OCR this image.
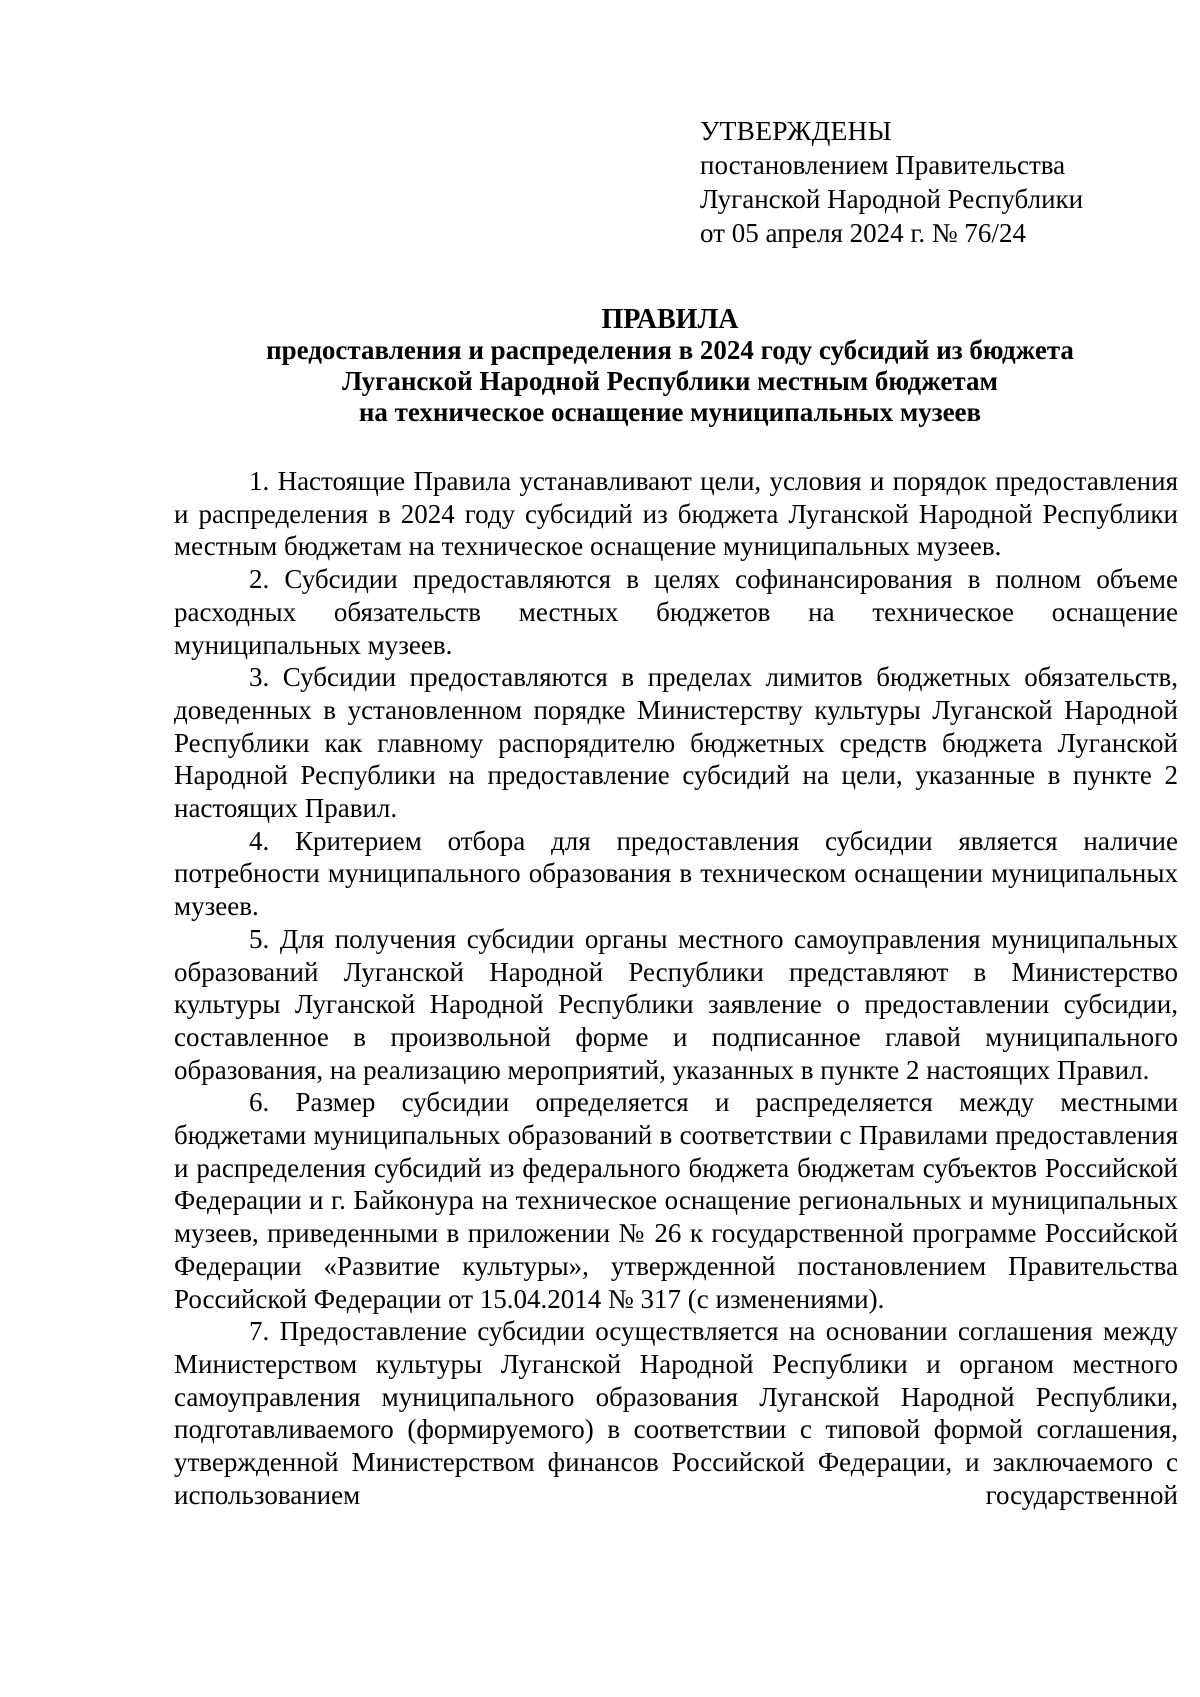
УТВЕРЖДЕНЫ
постановлением Правительства
Луганской Народной Республики
от 05 апреля 2024 г. № 76/24
ПРАВИЛА
предоставления и распределения в 2024 году субсидий из бюджета
Луганской Народной Республики местным бюджетам
на техническое оснащение муниципальных музеев

1. Настоящие Правила устанавливают цели, условия и порядок предоставления и распределения в 2024 году субсидий из бюджета Луганской Народной Республики местным бюджетам на техническое оснащение муниципальных музеев.

2. Субсидии предоставляются в целях софинансирования в полном объеме расходных обязательств местных бюджетов на техническое оснащение муниципальных музеев.

3. Субсидии предоставляются в пределах лимитов бюджетных обязательств, доведенных в установленном порядке Министерству культуры Луганской Народной Республики как главному распорядителю бюджетных средств бюджета Луганской Народной Республики на предоставление субсидий на цели, указанные в пункте 2 настоящих Правил.

4. Критерием отбора для предоставления субсидии является наличие потребности муниципального образования в техническом оснащении муниципальных музеев.

5. Для получения субсидии органы местного самоуправления муниципальных образований Луганской Народной Республики представляют в Министерство культуры Луганской Народной Республики заявление о предоставлении субсидии, составленное в произвольной форме и подписанное главой муниципального образования, на реализацию мероприятий, указанных в пункте 2 настоящих Правил.

6. Размер субсидии определяется и распределяется между местными бюджетами муниципальных образований в соответствии с Правилами предоставления и распределения субсидий из федерального бюджета бюджетам субъектов Российской Федерации и г. Байконура на техническое оснащение региональных и муниципальных музеев, приведенными в приложении № 26 к государственной программе Российской Федерации «Развитие культуры», утвержденной постановлением Правительства Российской Федерации от 15.04.2014 № 317 (с изменениями).

7. Предоставление субсидии осуществляется на основании соглашения между Министерством культуры Луганской Народной Республики и органом местного самоуправления муниципального образования Луганской Народной Республики, подготавливаемого (формируемого) в соответствии с типовой формой соглашения, утвержденной Министерством финансов Российской Федерации, и заключаемого с использованием государственной
